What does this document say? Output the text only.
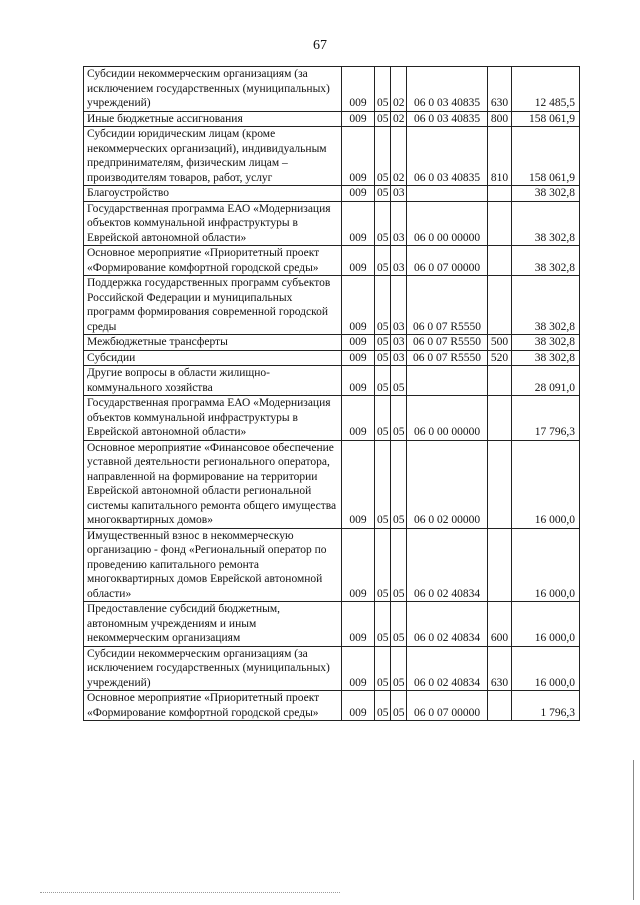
67
Субсидии некоммерческим организациям (за исключением государственных (муниципальных) учреждений)	009	05	02	06 0 03 40835	630	12 485,5
Иные бюджетные ассигнования	009	05	02	06 0 03 40835	800	158 061,9
Субсидии юридическим лицам (кроме некоммерческих организаций), индивидуальным предпринимателям, физическим лицам – производителям товаров, работ, услуг	009	05	02	06 0 03 40835	810	158 061,9
Благоустройство	009	05	03			38 302,8
Государственная программа ЕАО «Модернизация объектов коммунальной инфраструктуры в Еврейской автономной области»	009	05	03	06 0 00 00000		38 302,8
Основное мероприятие «Приоритетный проект «Формирование комфортной городской среды»	009	05	03	06 0 07 00000		38 302,8
Поддержка государственных программ субъектов Российской Федерации и муниципальных программ формирования современной городской среды	009	05	03	06 0 07 R5550		38 302,8
Межбюджетные трансферты	009	05	03	06 0 07 R5550	500	38 302,8
Субсидии	009	05	03	06 0 07 R5550	520	38 302,8
Другие вопросы в области жилищно-коммунального хозяйства	009	05	05			28 091,0
Государственная программа ЕАО «Модернизация объектов коммунальной инфраструктуры в Еврейской автономной области»	009	05	05	06 0 00 00000		17 796,3
Основное мероприятие «Финансовое обеспечение уставной деятельности регионального оператора, направленной на формирование на территории Еврейской автономной области региональной системы капитального ремонта общего имущества многоквартирных домов»	009	05	05	06 0 02 00000		16 000,0
Имущественный взнос в некоммерческую организацию - фонд «Региональный оператор по проведению капитального ремонта многоквартирных домов Еврейской автономной области»	009	05	05	06 0 02 40834		16 000,0
Предоставление субсидий бюджетным, автономным учреждениям и иным некоммерческим организациям	009	05	05	06 0 02 40834	600	16 000,0
Субсидии некоммерческим организациям (за исключением государственных (муниципальных) учреждений)	009	05	05	06 0 02 40834	630	16 000,0
Основное мероприятие «Приоритетный проект «Формирование комфортной городской среды»	009	05	05	06 0 07 00000		1 796,3
